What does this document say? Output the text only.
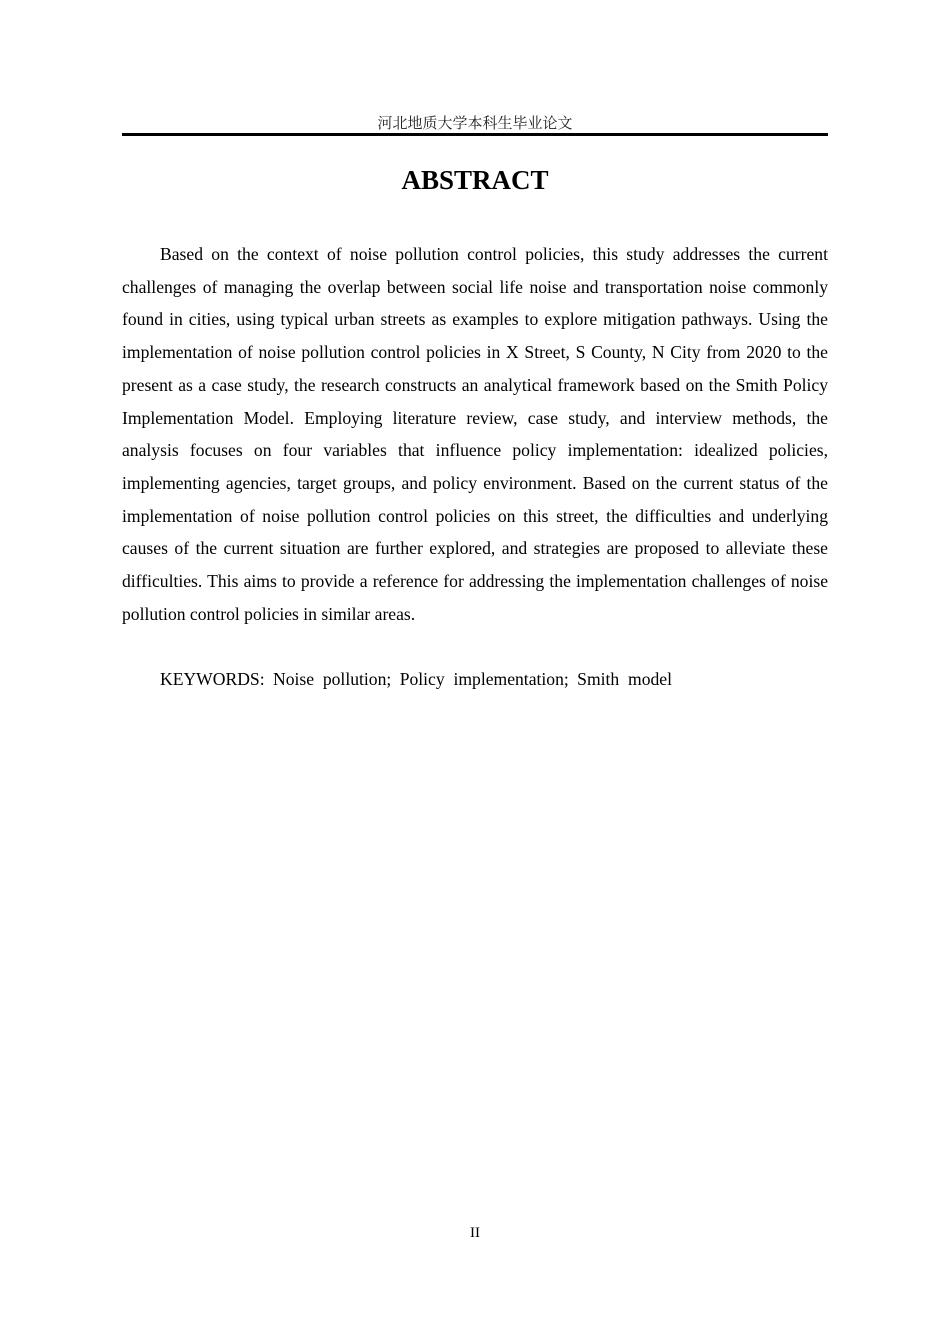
河北地质大学本科生毕业论文
ABSTRACT

Based on the context of noise pollution control policies, this study addresses the current challenges of managing the overlap between social life noise and transportation noise commonly found in cities, using typical urban streets as examples to explore mitigation pathways. Using the implementation of noise pollution control policies in X Street, S County, N City from 2020 to the present as a case study, the research constructs an analytical framework based on the Smith Policy Implementation Model. Employing literature review, case study, and interview methods, the analysis focuses on four variables that influence policy implementation: idealized policies, implementing agencies, target groups, and policy environment. Based on the current status of the implementation of noise pollution control policies on this street, the difficulties and underlying causes of the current situation are further explored, and strategies are proposed to alleviate these difficulties. This aims to provide a reference for addressing the implementation challenges of noise pollution control policies in similar areas.

KEYWORDS: Noise  pollution; Policy  implementation; Smith  model

II
